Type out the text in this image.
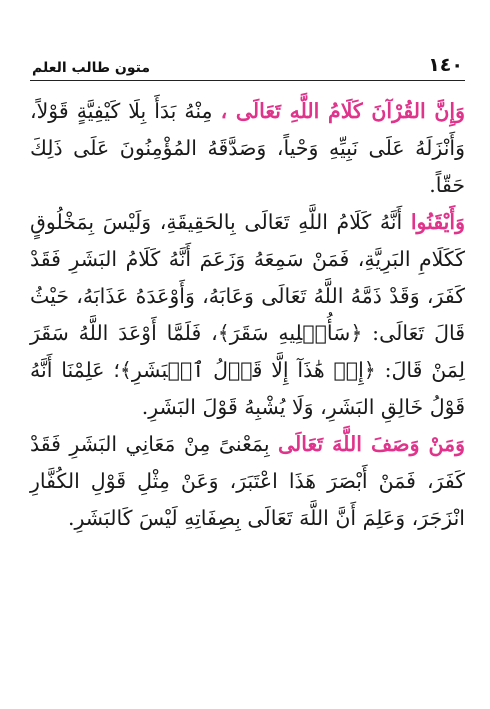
١٤٠
متون طالب العلم

وَإِنَّ القُرْآنَ كَلَامُ اللَّهِ تَعَالَى ، مِنْهُ بَدَأَ بِلَا كَيْفِيَّةٍ قَوْلاً، وَأَنْزَلَهُ عَلَى نَبِيِّهِ وَحْياً، وَصَدَّقَهُ المُؤْمِنُونَ عَلَى ذَلِكَ حَقّاً.

وَأَيْقَنُوا أَنَّهُ كَلَامُ اللَّهِ تَعَالَى بِالحَقِيقَةِ، وَلَيْسَ بِمَخْلُوقٍ كَكَلَامِ البَرِيَّةِ، فَمَنْ سَمِعَهُ وَزَعَمَ أَنَّهُ كَلَامُ البَشَرِ فَقَدْ كَفَرَ، وَقَدْ ذَمَّهُ اللَّهُ تَعَالَى وَعَابَهُ، وَأَوْعَدَهُ عَذَابَهُ، حَيْثُ قَالَ تَعَالَى: ﴿سَأُصۡلِيهِ سَقَرَ﴾، فَلَمَّا أَوْعَدَ اللَّهُ سَقَرَ لِمَنْ قَالَ: ﴿إِنۡ هَٰذَآ إِلَّا قَوۡلُ ٱلۡبَشَرِ﴾؛ عَلِمْنَا أَنَّهُ قَوْلُ خَالِقِ البَشَرِ، وَلَا يُشْبِهُ قَوْلَ البَشَرِ.

وَمَنْ وَصَفَ اللَّهَ تَعَالَى بِمَعْنىً مِنْ مَعَانِي البَشَرِ فَقَدْ كَفَرَ، فَمَنْ أَبْصَرَ هَذَا اعْتَبَرَ، وَعَنْ مِثْلِ قَوْلِ الكُفَّارِ انْزَجَرَ، وَعَلِمَ أَنَّ اللَّهَ تَعَالَى بِصِفَاتِهِ لَيْسَ كَالبَشَرِ.
